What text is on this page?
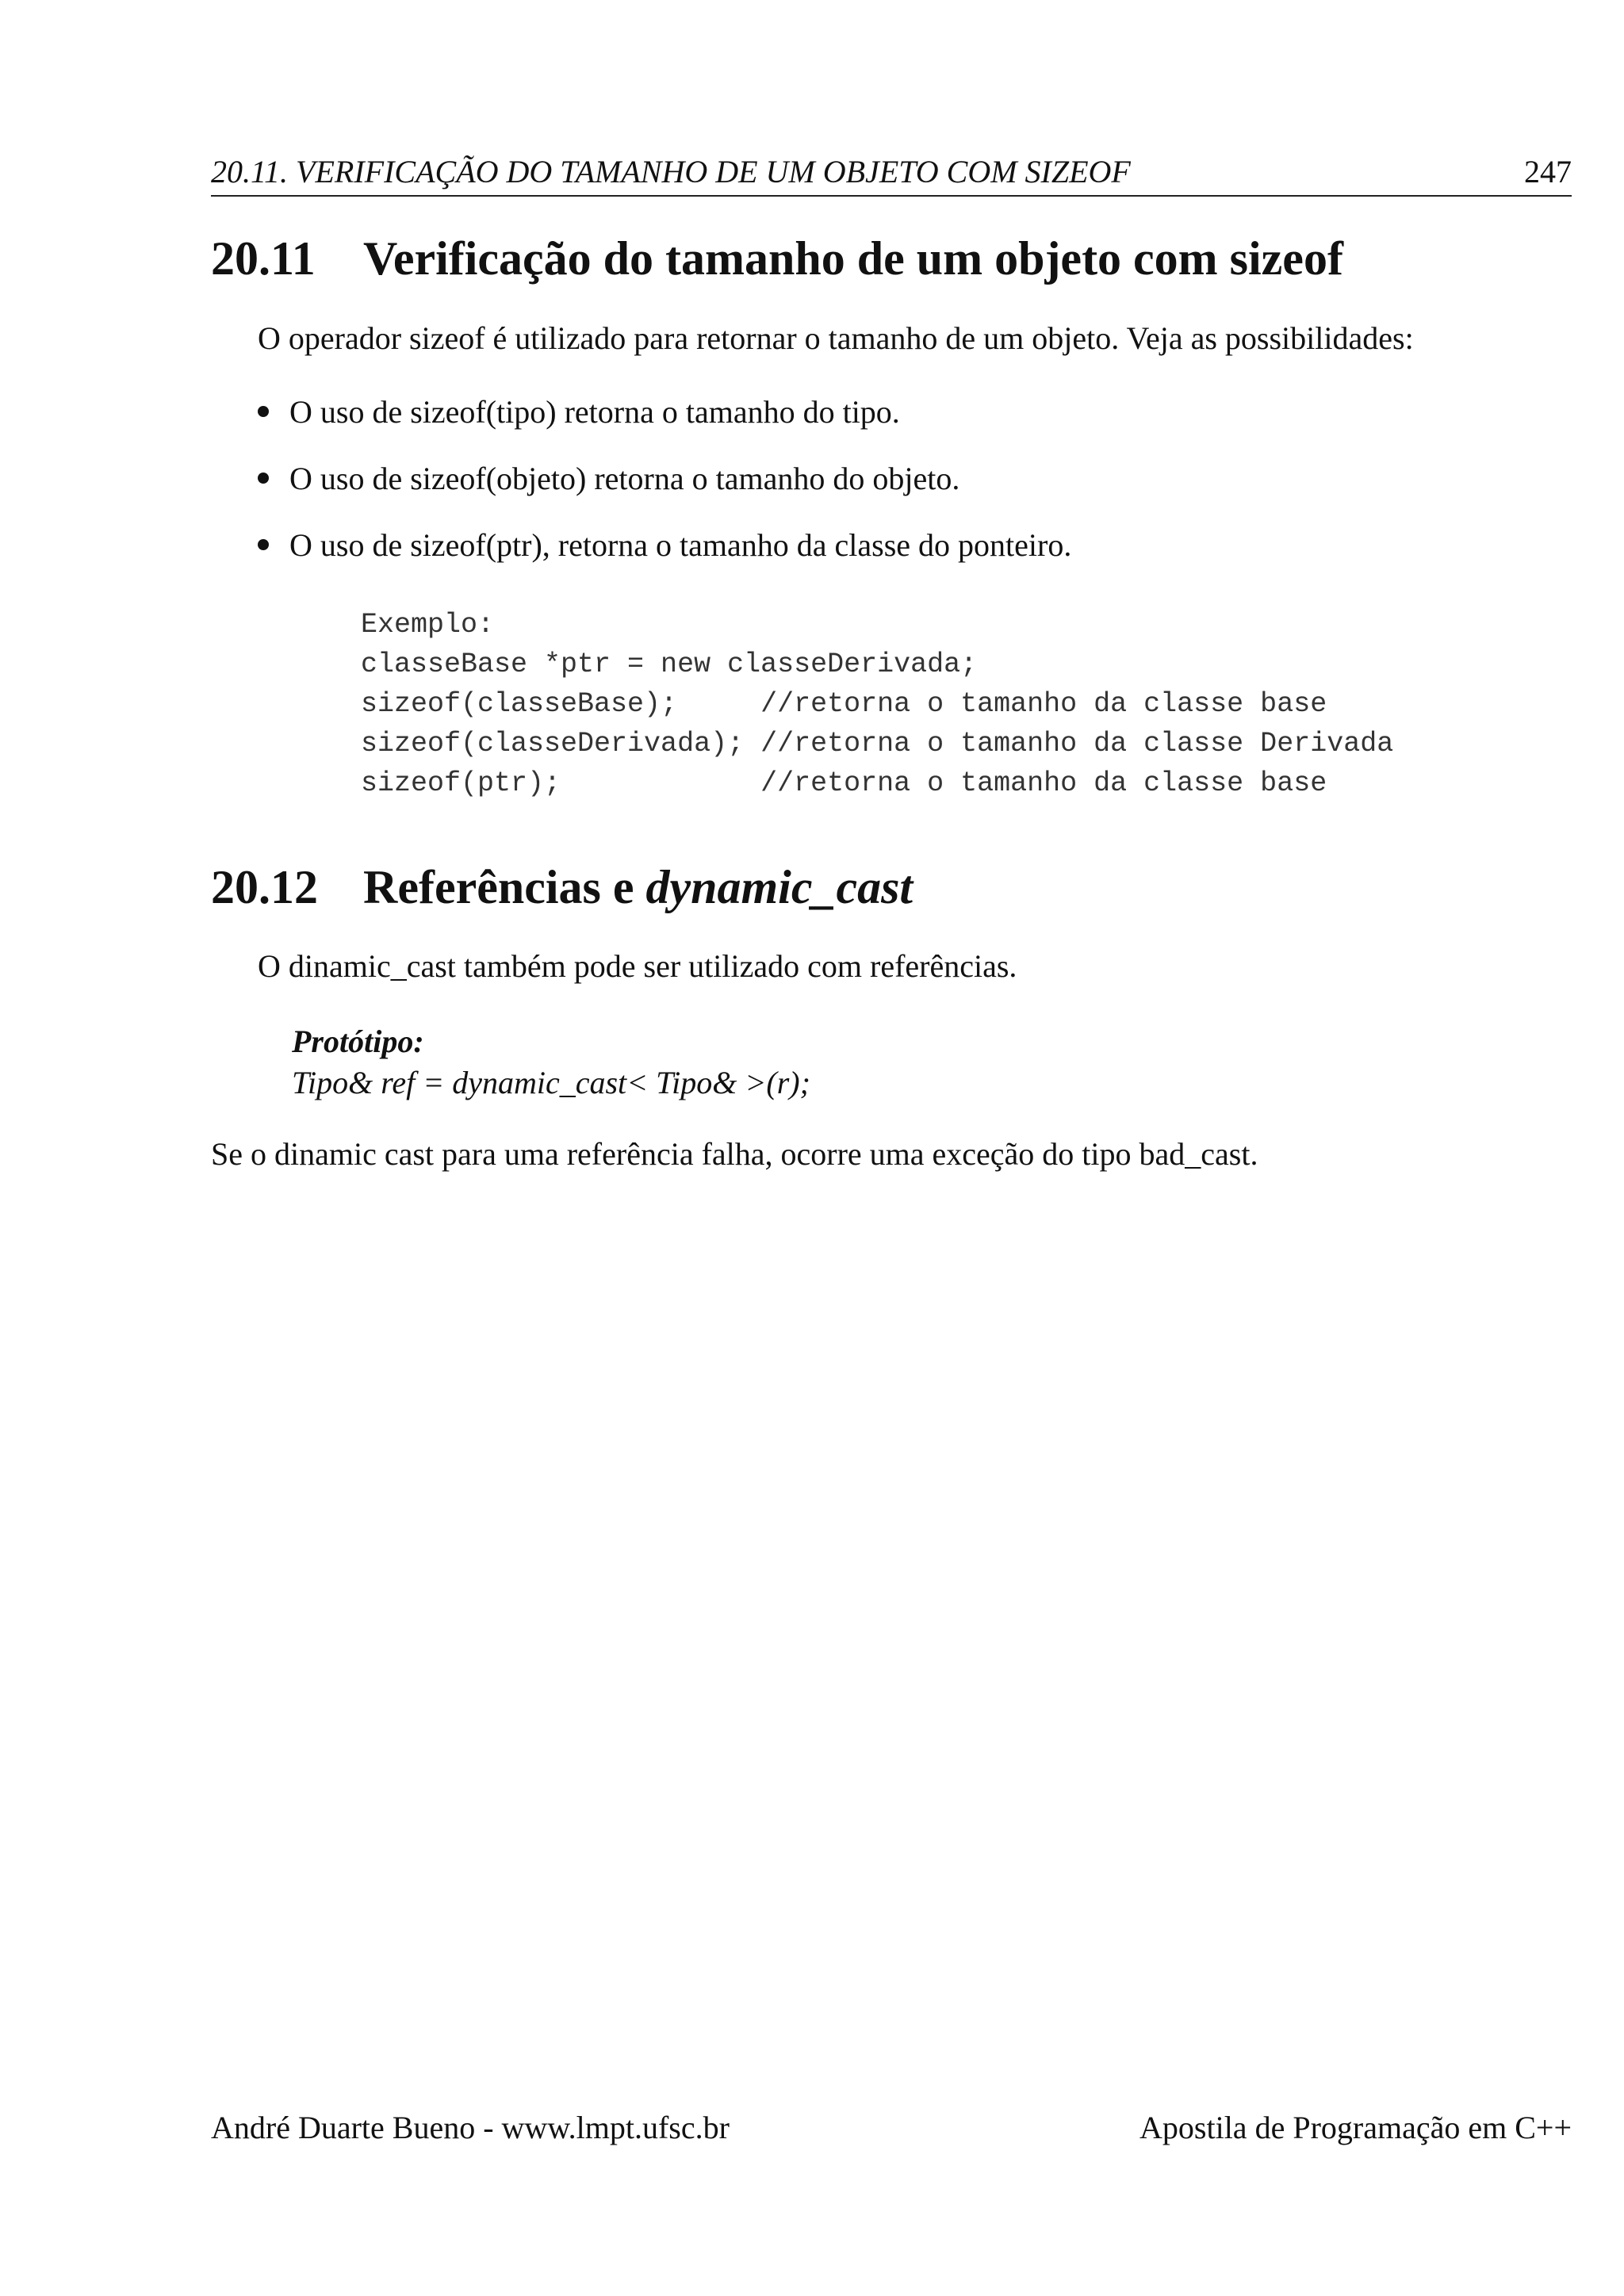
20.11. VERIFICAÇÃO DO TAMANHO DE UM OBJETO COM SIZEOF	247
20.11 Verificação do tamanho de um objeto com sizeof
O operador sizeof é utilizado para retornar o tamanho de um objeto. Veja as possibilidades:
O uso de sizeof(tipo) retorna o tamanho do tipo.
O uso de sizeof(objeto) retorna o tamanho do objeto.
O uso de sizeof(ptr), retorna o tamanho da classe do ponteiro.
Exemplo:
classeBase *ptr = new classeDerivada;
sizeof(classeBase);     //retorna o tamanho da classe base
sizeof(classeDerivada); //retorna o tamanho da classe Derivada
sizeof(ptr);            //retorna o tamanho da classe base
20.12 Referências e dynamic_cast
O dinamic_cast também pode ser utilizado com referências.
Protótipo:
Tipo& ref = dynamic_cast< Tipo& >(r);
Se o dinamic cast para uma referência falha, ocorre uma exceção do tipo bad_cast.
André Duarte Bueno - www.lmpt.ufsc.br	Apostila de Programação em C++
